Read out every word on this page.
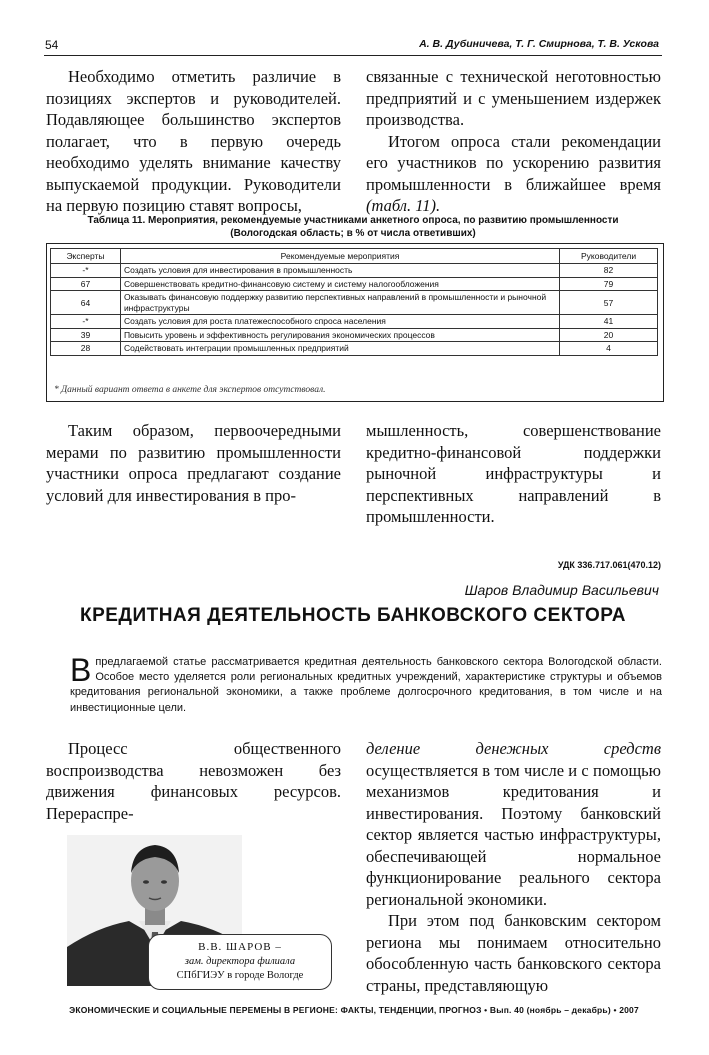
54	А. В. Дубиничева, Т. Г. Смирнова, Т. В. Ускова

Необходимо отметить различие в позициях экспертов и руководителей. Подавляющее большинство экспертов полагает, что в первую очередь необходимо уделять внимание качеству выпускаемой продукции. Руководители на первую позицию ставят вопросы,

связанные с технической неготовностью предприятий и с уменьшением издержек производства.

Итогом опроса стали рекомендации его участников по ускорению развития промышленности в ближайшее время (табл. 11).

Таблица 11. Мероприятия, рекомендуемые участниками анкетного опроса, по развитию промышленности
(Вологодская область; в % от числа ответивших)
Эксперты	Рекомендуемые мероприятия	Руководители
-*	Создать условия для инвестирования в промышленность	82
67	Совершенствовать кредитно-финансовую систему и систему налогообложения	79
64	Оказывать финансовую поддержку развитию перспективных направлений в промышленности и рыночной инфраструктуры	57
-*	Создать условия для роста платежеспособного спроса населения	41
39	Повысить уровень и эффективность регулирования экономических процессов	20
28	Содействовать интеграции промышленных предприятий	4
* Данный вариант ответа в анкете для экспертов отсутствовал.

Таким образом, первоочередными мерами по развитию промышленности участники опроса предлагают создание условий для инвестирования в про-

мышленность, совершенствование кредитно-финансовой поддержки рыночной инфраструктуры и перспективных направлений в промышленности.

УДК 336.717.061(470.12)
Шаров Владимир Васильевич
КРЕДИТНАЯ ДЕЯТЕЛЬНОСТЬ БАНКОВСКОГО СЕКТОРА
В предлагаемой статье рассматривается кредитная деятельность банковского сектора Вологодской области. Особое место уделяется роли региональных кредитных учреждений, характеристике структуры и объемов кредитования региональной экономики, а также проблеме долгосрочного кредитования, в том числе и на инвестиционные цели.

Процесс общественного воспроизводства невозможен без движения финансовых ресурсов. Перераспре-

деление денежных средств осуществляется в том числе и с помощью механизмов кредитования и инвестирования. Поэтому банковский сектор является частью инфраструктуры, обеспечивающей нормальное функционирование реального сектора региональной экономики.

При этом под банковским сектором региона мы понимаем относительно обособленную часть банковского сектора страны, представляющую

В.В. ШАРОВ –
зам. директора филиала
СПбГИЭУ в городе Вологде
ЭКОНОМИЧЕСКИЕ И СОЦИАЛЬНЫЕ ПЕРЕМЕНЫ В РЕГИОНЕ: ФАКТЫ, ТЕНДЕНЦИИ, ПРОГНОЗ • Вып. 40 (ноябрь – декабрь) • 2007
